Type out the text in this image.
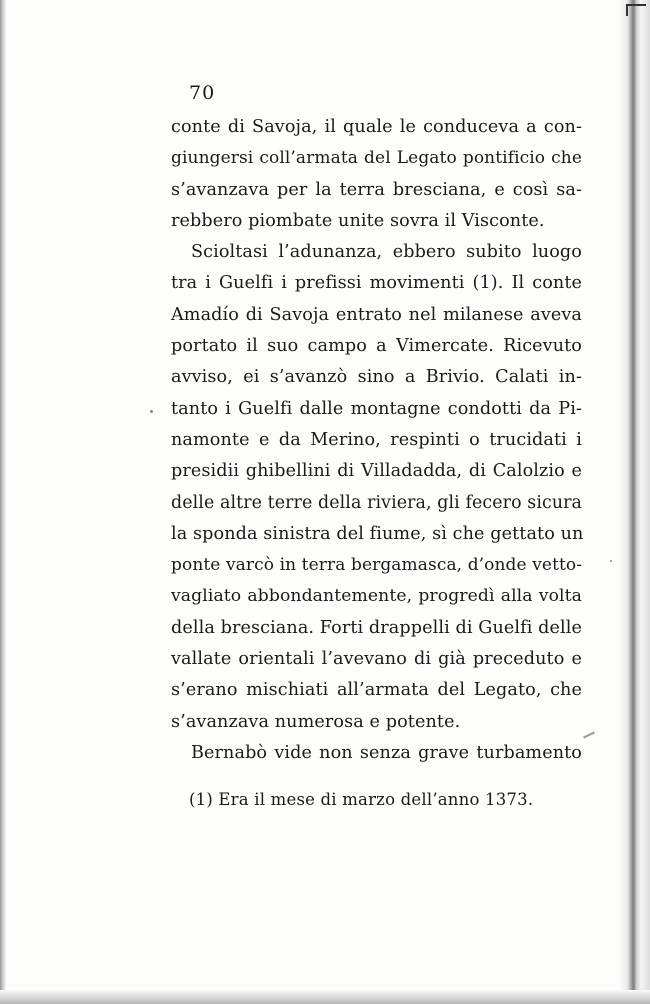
70
conte di Savoja, il quale le conduceva a con-
giungersi coll’armata del Legato pontificio che
s’avanzava per la terra bresciana, e così sa-
rebbero piombate unite sovra il Visconte.
Scioltasi l’adunanza, ebbero subito luogo
tra i Guelfi i prefissi movimenti (1). Il conte
Amadío di Savoja entrato nel milanese aveva
portato il suo campo a Vimercate. Ricevuto
avviso, ei s’avanzò sino a Brivio. Calati in-
tanto i Guelfi dalle montagne condotti da Pi-
namonte e da Merino, respinti o trucidati i
presidii ghibellini di Villadadda, di Calolzio e
delle altre terre della riviera, gli fecero sicura
la sponda sinistra del fiume, sì che gettato un
ponte varcò in terra bergamasca, d’onde vetto-
vagliato abbondantemente, progredì alla volta
della bresciana. Forti drappelli di Guelfi delle
vallate orientali l’avevano di già preceduto e
s’erano mischiati all’armata del Legato, che
s’avanzava numerosa e potente.
Bernabò vide non senza grave turbamento
(1) Era il mese di marzo dell’anno 1373.
